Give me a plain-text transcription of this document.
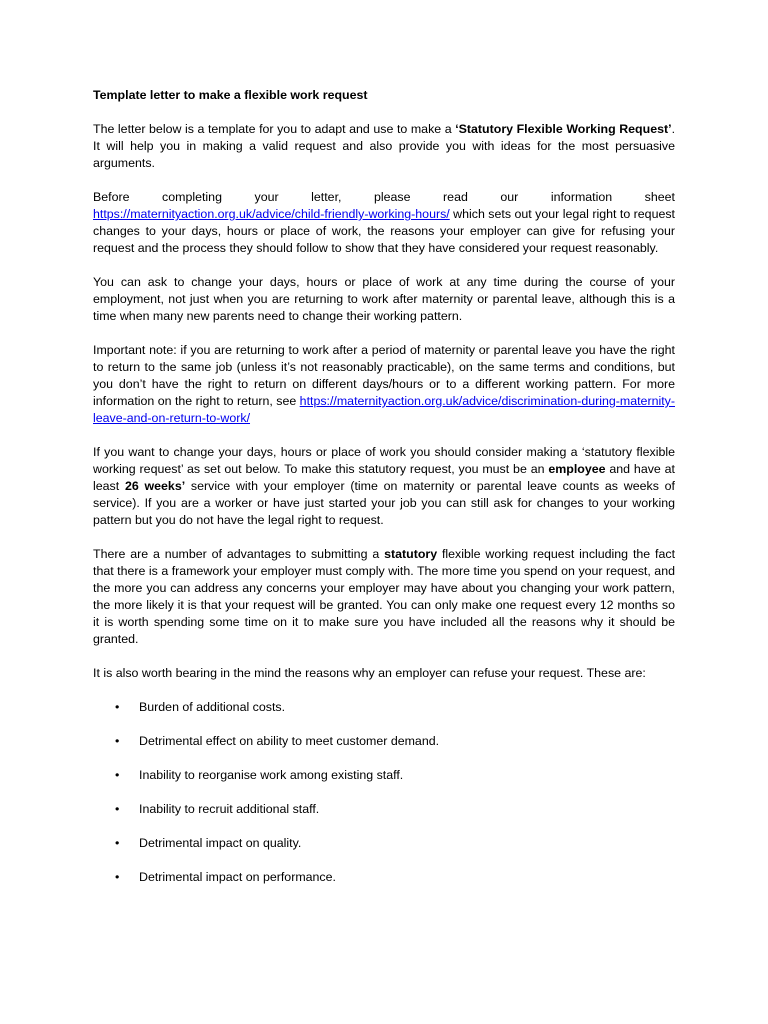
Template letter to make a flexible work request

The letter below is a template for you to adapt and use to make a ‘Statutory Flexible Working Request’. It will help you in making a valid request and also provide you with ideas for the most persuasive arguments.

Before completing your letter, please read our information sheet https://maternityaction.org.uk/advice/child-friendly-working-hours/ which sets out your legal right to request changes to your days, hours or place of work, the reasons your employer can give for refusing your request and the process they should follow to show that they have considered your request reasonably.

You can ask to change your days, hours or place of work at any time during the course of your employment, not just when you are returning to work after maternity or parental leave, although this is a time when many new parents need to change their working pattern.

Important note: if you are returning to work after a period of maternity or parental leave you have the right to return to the same job (unless it’s not reasonably practicable), on the same terms and conditions, but you don’t have the right to return on different days/hours or to a different working pattern. For more information on the right to return, see https://maternityaction.org.uk/advice/discrimination-during-maternity-leave-and-on-return-to-work/

If you want to change your days, hours or place of work you should consider making a ‘statutory flexible working request’ as set out below. To make this statutory request, you must be an employee and have at least 26 weeks’ service with your employer (time on maternity or parental leave counts as weeks of service). If you are a worker or have just started your job you can still ask for changes to your working pattern but you do not have the legal right to request.

There are a number of advantages to submitting a statutory flexible working request including the fact that there is a framework your employer must comply with. The more time you spend on your request, and the more you can address any concerns your employer may have about you changing your work pattern, the more likely it is that your request will be granted. You can only make one request every 12 months so it is worth spending some time on it to make sure you have included all the reasons why it should be granted.

It is also worth bearing in the mind the reasons why an employer can refuse your request. These are:

• Burden of additional costs.
• Detrimental effect on ability to meet customer demand.
• Inability to reorganise work among existing staff.
• Inability to recruit additional staff.
• Detrimental impact on quality.
• Detrimental impact on performance.
